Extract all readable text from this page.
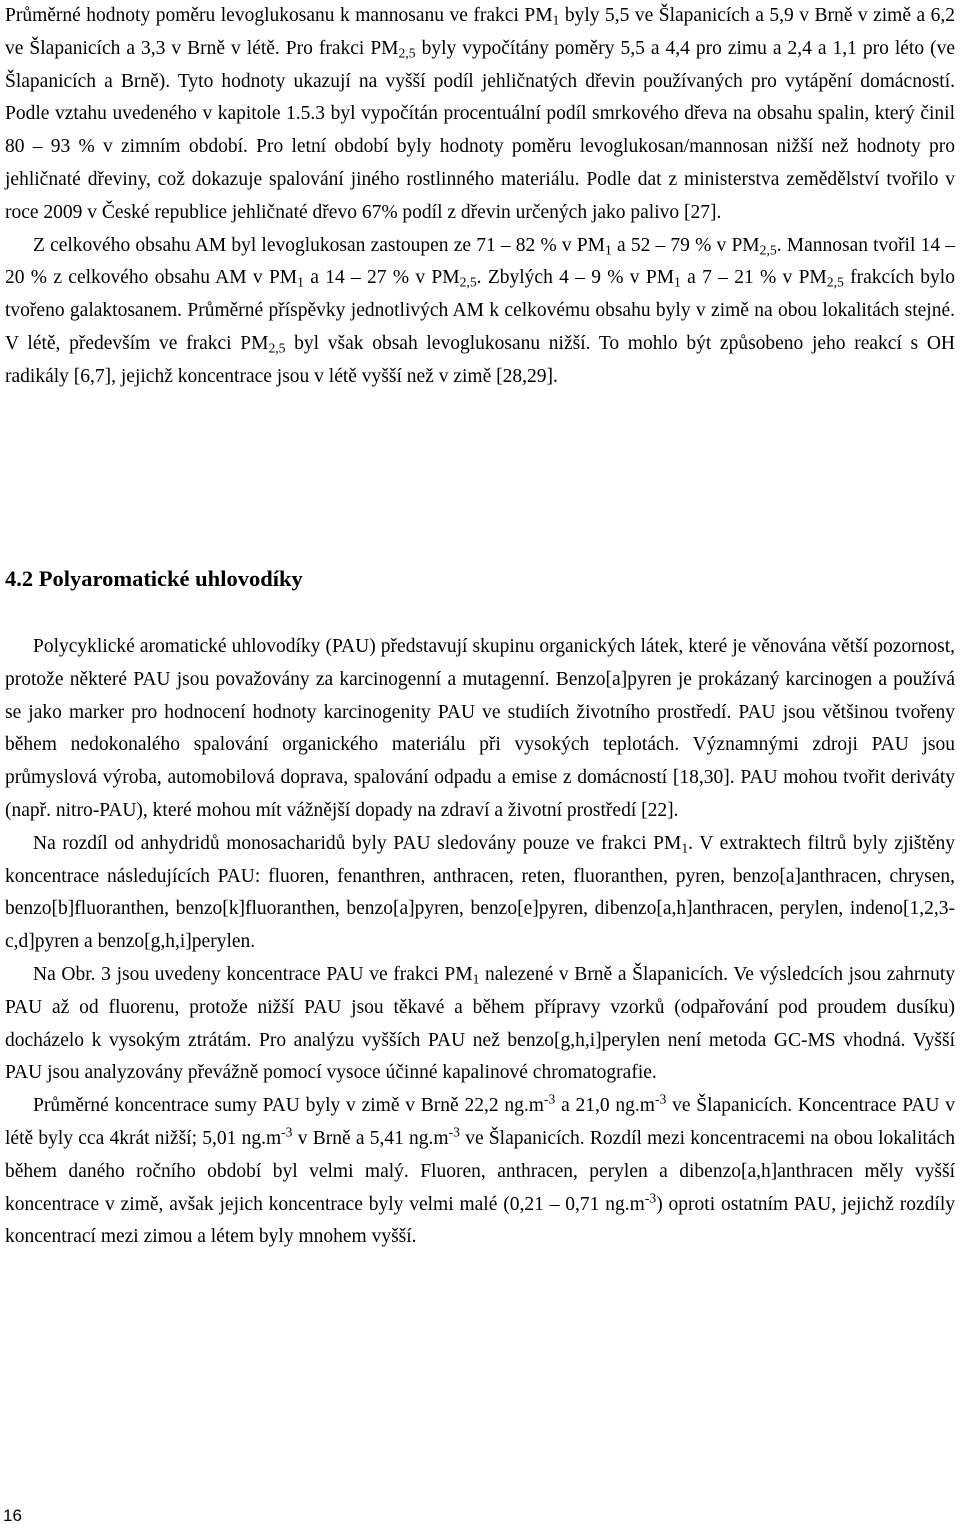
Průměrné hodnoty poměru levoglukosanu k mannosanu ve frakci $PM_1$ byly 5,5 ve Šlapanicích a 5,9 v Brně v zimě a 6,2 ve Šlapanicích a 3,3 v Brně v létě. Pro frakci $PM_{2,5}$ byly vypočítány poměry 5,5 a 4,4 pro zimu a 2,4 a 1,1 pro léto (ve Šlapanicích a Brně). Tyto hodnoty ukazují na vyšší podíl jehličnatých dřevin používaných pro vytápění domácností. Podle vztahu uvedeného v kapitole 1.5.3 byl vypočítán procentuální podíl smrkového dřeva na obsahu spalin, který činil 80 – 93 % v zimním období. Pro letní období byly hodnoty poměru levoglukosan/mannosan nižší než hodnoty pro jehličnaté dřeviny, což dokazuje spalování jiného rostlinného materiálu. Podle dat z ministerstva zemědělství tvořilo v roce 2009 v České republice jehličnaté dřevo 67% podíl z dřevin určených jako palivo [27].

Z celkového obsahu AM byl levoglukosan zastoupen ze 71 – 82 % v $PM_1$ a 52 – 79 % v $PM_{2,5}$. Mannosan tvořil 14 – 20 % z celkového obsahu AM v $PM_1$ a 14 – 27 % v $PM_{2,5}$. Zbylých 4 – 9 % v $PM_1$ a 7 – 21 % v $PM_{2,5}$ frakcích bylo tvořeno galaktosanem. Průměrné příspěvky jednotlivých AM k celkovému obsahu byly v zimě na obou lokalitách stejné. V létě, především ve frakci $PM_{2,5}$ byl však obsah levoglukosanu nižší. To mohlo být způsobeno jeho reakcí s OH radikály [6,7], jejichž koncentrace jsou v létě vyšší než v zimě [28,29].

4.2 Polyaromatické uhlovodíky

Polycyklické aromatické uhlovodíky (PAU) představují skupinu organických látek, které je věnována větší pozornost, protože některé PAU jsou považovány za karcinogenní a mutagenní. Benzo[a]pyren je prokázaný karcinogen a používá se jako marker pro hodnocení hodnoty karcinogenity PAU ve studiích životního prostředí. PAU jsou většinou tvořeny během nedokonalého spalování organického materiálu při vysokých teplotách. Významnými zdroji PAU jsou průmyslová výroba, automobilová doprava, spalování odpadu a emise z domácností [18,30]. PAU mohou tvořit deriváty (např. nitro-PAU), které mohou mít vážnější dopady na zdraví a životní prostředí [22].

Na rozdíl od anhydridů monosacharidů byly PAU sledovány pouze ve frakci $PM_1$. V extraktech filtrů byly zjištěny koncentrace následujících PAU: fluoren, fenanthren, anthracen, reten, fluoranthen, pyren, benzo[a]anthracen, chrysen, benzo[b]fluoranthen, benzo[k]fluoranthen, benzo[a]pyren, benzo[e]pyren, dibenzo[a,h]anthracen, perylen, indeno[1,2,3-c,d]pyren a benzo[g,h,i]perylen.

Na Obr. 3 jsou uvedeny koncentrace PAU ve frakci $PM_1$ nalezené v Brně a Šlapanicích. Ve výsledcích jsou zahrnuty PAU až od fluorenu, protože nižší PAU jsou těkavé a během přípravy vzorků (odpařování pod proudem dusíku) docházelo k vysokým ztrátám. Pro analýzu vyšších PAU než benzo[g,h,i]perylen není metoda GC-MS vhodná. Vyšší PAU jsou analyzovány převážně pomocí vysoce účinné kapalinové chromatografie.

Průměrné koncentrace sumy PAU byly v zimě v Brně 22,2 $ng.m^{-3}$ a 21,0 $ng.m^{-3}$ ve Šlapanicích. Koncentrace PAU v létě byly cca 4krát nižší; 5,01 $ng.m^{-3}$ v Brně a 5,41 $ng.m^{-3}$ ve Šlapanicích. Rozdíl mezi koncentracemi na obou lokalitách během daného ročního období byl velmi malý. Fluoren, anthracen, perylen a dibenzo[a,h]anthracen měly vyšší koncentrace v zimě, avšak jejich koncentrace byly velmi malé (0,21 – 0,71 $ng.m^{-3}$) oproti ostatním PAU, jejichž rozdíly koncentrací mezi zimou a létem byly mnohem vyšší.

16
